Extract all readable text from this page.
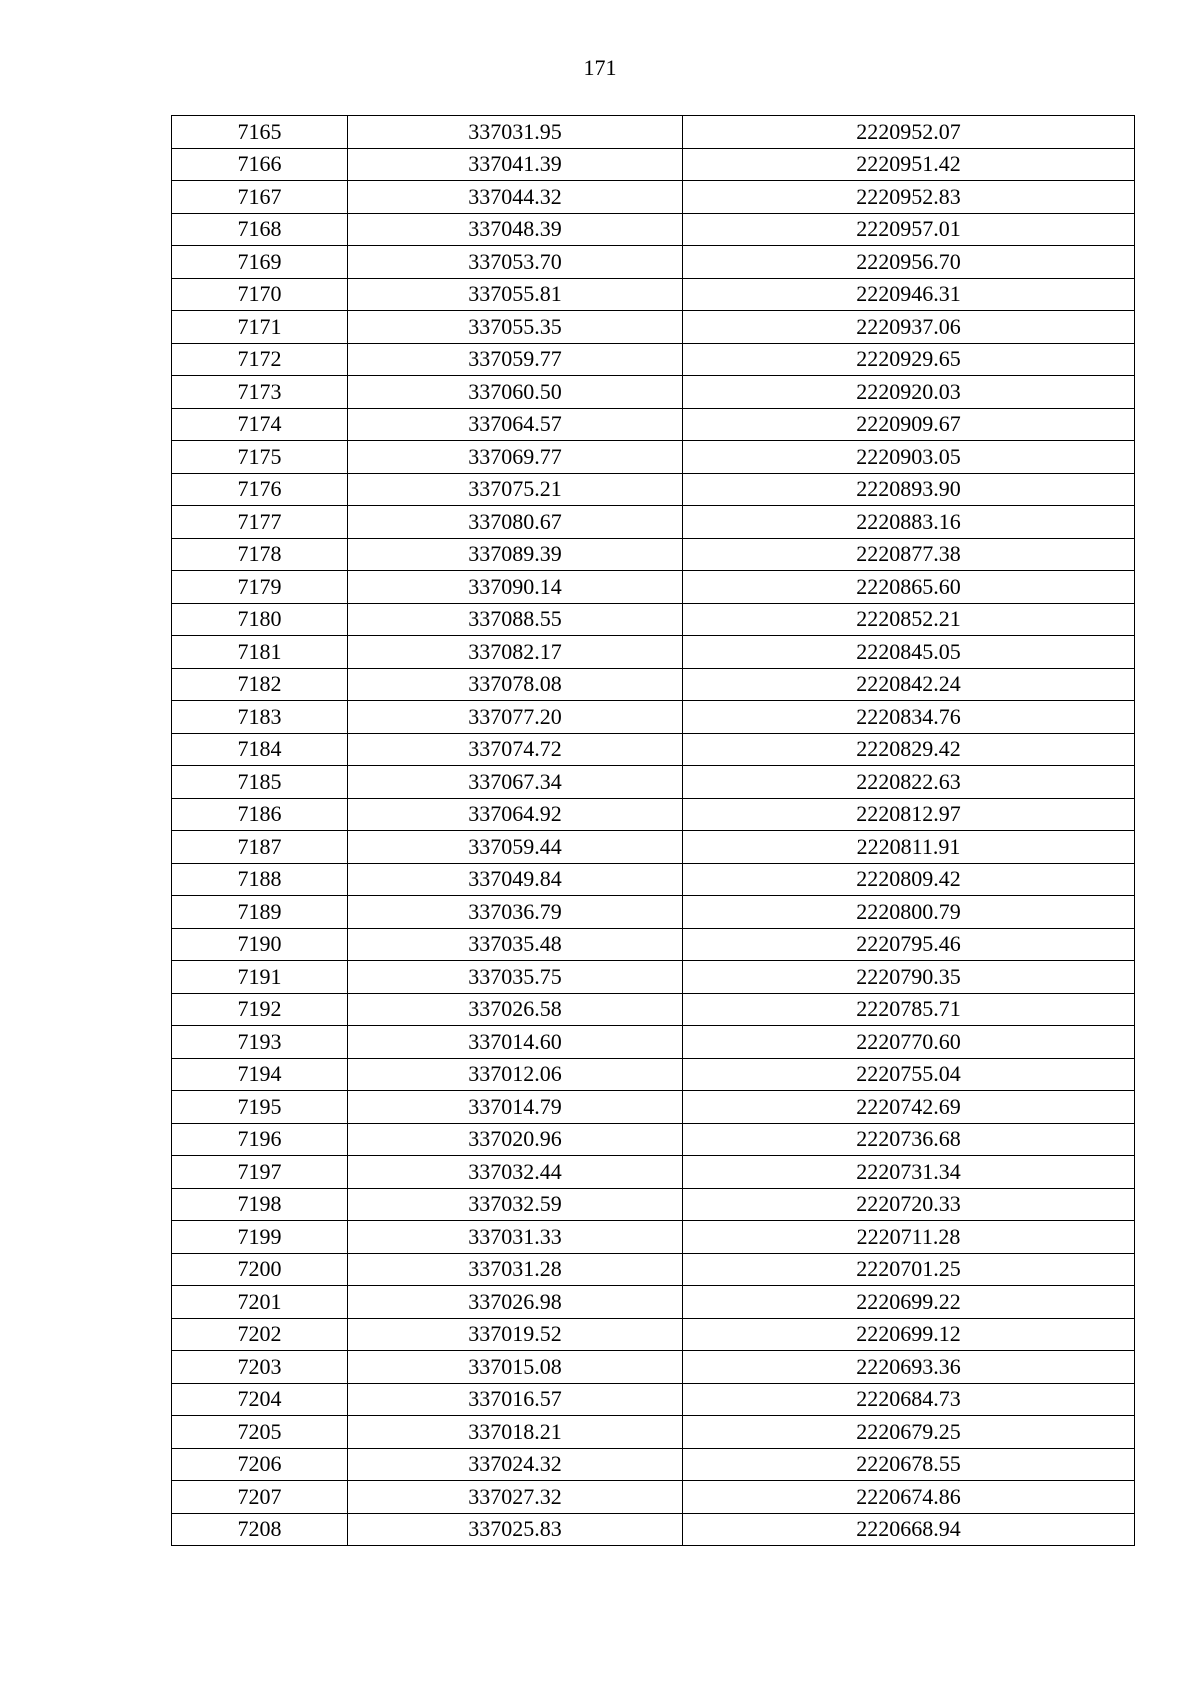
171
7165	337031.95	2220952.07
7166	337041.39	2220951.42
7167	337044.32	2220952.83
7168	337048.39	2220957.01
7169	337053.70	2220956.70
7170	337055.81	2220946.31
7171	337055.35	2220937.06
7172	337059.77	2220929.65
7173	337060.50	2220920.03
7174	337064.57	2220909.67
7175	337069.77	2220903.05
7176	337075.21	2220893.90
7177	337080.67	2220883.16
7178	337089.39	2220877.38
7179	337090.14	2220865.60
7180	337088.55	2220852.21
7181	337082.17	2220845.05
7182	337078.08	2220842.24
7183	337077.20	2220834.76
7184	337074.72	2220829.42
7185	337067.34	2220822.63
7186	337064.92	2220812.97
7187	337059.44	2220811.91
7188	337049.84	2220809.42
7189	337036.79	2220800.79
7190	337035.48	2220795.46
7191	337035.75	2220790.35
7192	337026.58	2220785.71
7193	337014.60	2220770.60
7194	337012.06	2220755.04
7195	337014.79	2220742.69
7196	337020.96	2220736.68
7197	337032.44	2220731.34
7198	337032.59	2220720.33
7199	337031.33	2220711.28
7200	337031.28	2220701.25
7201	337026.98	2220699.22
7202	337019.52	2220699.12
7203	337015.08	2220693.36
7204	337016.57	2220684.73
7205	337018.21	2220679.25
7206	337024.32	2220678.55
7207	337027.32	2220674.86
7208	337025.83	2220668.94
